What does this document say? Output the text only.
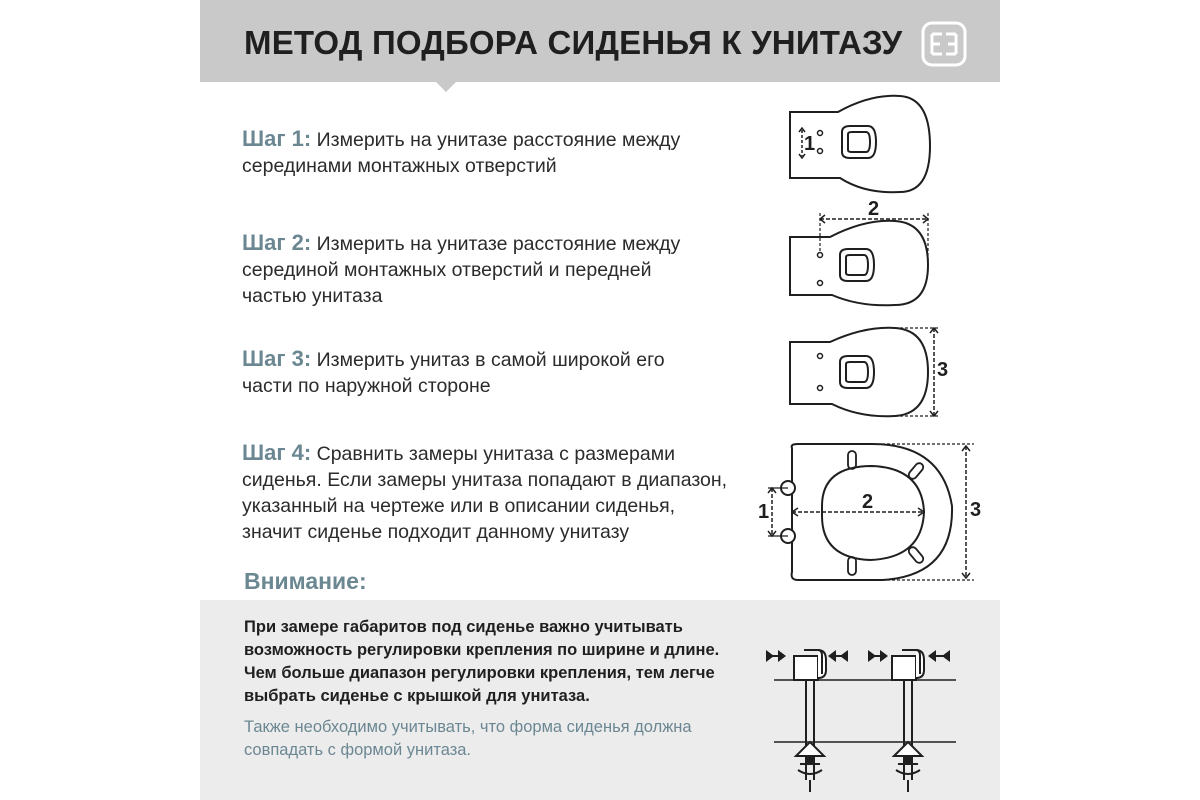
МЕТОД ПОДБОРА СИДЕНЬЯ К УНИТАЗУ
Шаг 1: Измерить на унитазе расстояние между
серединами монтажных отверстий
1
Шаг 2: Измерить на унитазе расстояние между
серединой монтажных отверстий и передней
частью унитаза
2
Шаг 3: Измерить унитаз в самой широкой его
части по наружной стороне
3
Шаг 4: Сравнить замеры унитаза с размерами
сиденья. Если замеры унитаза попадают в диапазон,
указанный на чертеже или в описании сиденья,
значит сиденье подходит данному унитазу
1	2	3
Внимание:
При замере габаритов под сиденье важно учитывать
возможность регулировки крепления по ширине и длине.
Чем больше диапазон регулировки крепления, тем легче
выбрать сиденье с крышкой для унитаза.
Также необходимо учитывать, что форма сиденья должна
совпадать с формой унитаза.
